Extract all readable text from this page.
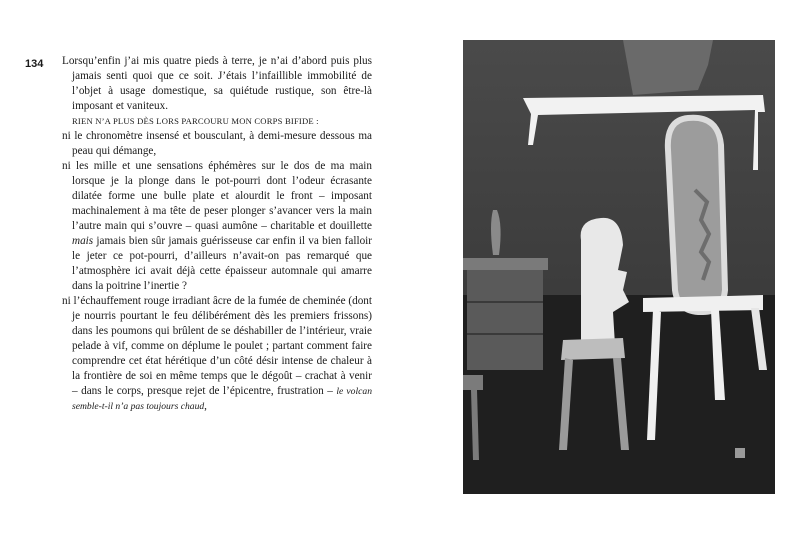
134 Lorsqu’enfin j’ai mis quatre pieds à terre, je n’ai d’abord puis plus jamais senti quoi que ce soit. J’étais l’infaillible immobilité de l’objet à usage domestique, sa quiétude rustique, son être-là imposant et vaniteux.

RIEN N’A PLUS DÈS LORS PARCOURU MON CORPS BIFIDE :

ni le chronomètre insensé et bousculant, à demi-mesure dessous ma peau qui démange,

ni les mille et une sensations éphémères sur le dos de ma main lorsque je la plonge dans le pot-pourri dont l’odeur écrasante dilatée forme une bulle plate et alourdit le front – imposant machinalement à ma tête de peser plonger s’avancer vers la main l’autre main qui s’ouvre – quasi aumône – charitable et douillette mais jamais bien sûr jamais guérisseuse car enfin il va bien falloir le jeter ce pot-pourri, d’ailleurs n’avait-on pas remarqué que l’atmosphère ici avait déjà cette épaisseur automnale qui amarre dans la poitrine l’inertie ?

ni l’échauffement rouge irradiant âcre de la fumée de cheminée (dont je nourris pourtant le feu délibérément dès les premiers frissons) dans les poumons qui brûlent de se déshabiller de l’intérieur, vraie pelade à vif, comme on déplume le poulet ; partant comment faire comprendre cet état hérétique d’un côté désir intense de chaleur à la frontière de soi en même temps que le dégoût – crachat à venir – dans le corps, presque rejet de l’épicentre, frustration – le volcan semble-t-il n’a pas toujours chaud,
